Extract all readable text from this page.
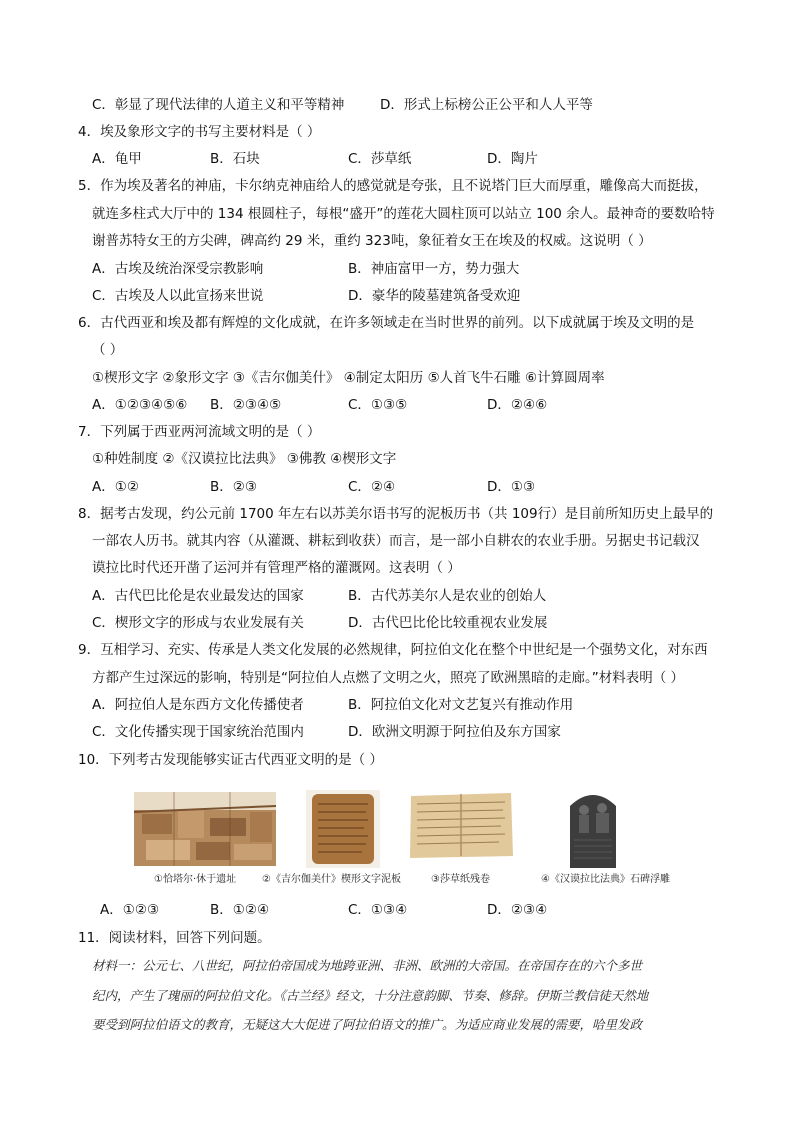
C．彰显了现代法律的人道主义和平等精神	D．形式上标榜公正公平和人人平等
4．埃及象形文字的书写主要材料是（ ）
A．龟甲	B．石块	C．莎草纸	D．陶片
5．作为埃及著名的神庙，卡尔纳克神庙给人的感觉就是夸张，且不说塔门巨大而厚重，雕像高大而挺拔，
就连多柱式大厅中的 134 根圆柱子，每根“盛开”的莲花大圆柱顶可以站立 100 余人。最神奇的要数哈特
谢普苏特女王的方尖碑，碑高约 29 米，重约 323吨，象征着女王在埃及的权威。这说明（ ）
A．古埃及统治深受宗教影响	B．神庙富甲一方，势力强大
C．古埃及人以此宣扬来世说	D．豪华的陵墓建筑备受欢迎
6．古代西亚和埃及都有辉煌的文化成就，在许多领域走在当时世界的前列。以下成就属于埃及文明的是
（ ）
①楔形文字 ②象形文字 ③《吉尔伽美什》 ④制定太阳历 ⑤人首飞牛石雕 ⑥计算圆周率
A．①②③④⑤⑥ B．②③④⑤	C．①③⑤	D．②④⑥
7．下列属于西亚两河流域文明的是（ ）
①种姓制度 ②《汉谟拉比法典》 ③佛教 ④楔形文字
A．①②	B．②③	C．②④	D．①③
8．据考古发现，约公元前 1700 年左右以苏美尔语书写的泥板历书（共 109行）是目前所知历史上最早的
一部农人历书。就其内容（从灌溉、耕耘到收获）而言，是一部小自耕农的农业手册。另据史书记载汉
谟拉比时代还开凿了运河并有管理严格的灌溉网。这表明（ ）
A．古代巴比伦是农业最发达的国家	B．古代苏美尔人是农业的创始人
C．楔形文字的形成与农业发展有关	D．古代巴比伦比较重视农业发展
9．互相学习、充实、传承是人类文化发展的必然规律，阿拉伯文化在整个中世纪是一个强势文化，对东西
方都产生过深远的影响，特别是“阿拉伯人点燃了文明之火，照亮了欧洲黑暗的走廊。”材料表明（ ）
A．阿拉伯人是东西方文化传播使者	B．阿拉伯文化对文艺复兴有推动作用
C．文化传播实现于国家统治范围内	D．欧洲文明源于阿拉伯及东方国家
10．下列考古发现能够实证古代西亚文明的是（ ）
①恰塔尔·休于遗址	②《吉尔伽美什》楔形文字泥板	③莎草纸残卷	④《汉谟拉比法典》石碑浮雕
A．①②③	B．①②④	C．①③④	D．②③④
11．阅读材料，回答下列问题。
材料一：公元七、八世纪，阿拉伯帝国成为地跨亚洲、非洲、欧洲的大帝国。在帝国存在的六个多世
纪内，产生了瑰丽的阿拉伯文化。《古兰经》经文，十分注意韵脚、节奏、修辞。伊斯兰教信徒天然地
要受到阿拉伯语文的教育，无疑这大大促进了阿拉伯语文的推广。为适应商业发展的需要，哈里发政
